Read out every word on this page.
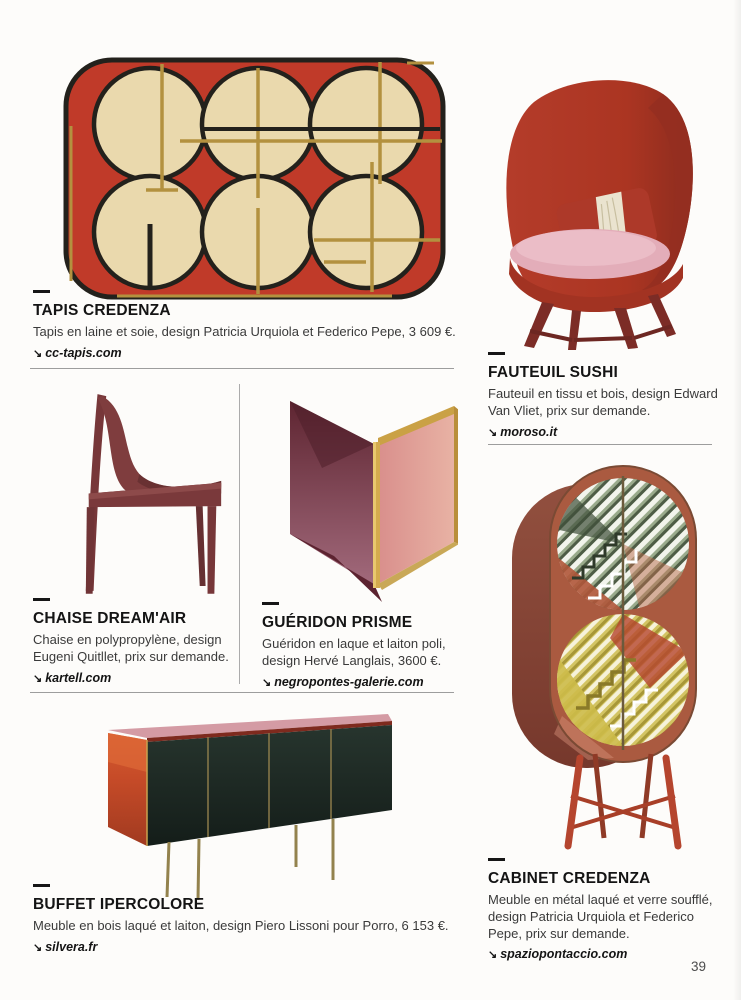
TAPIS CREDENZA

Tapis en laine et soie, design Patricia Urquiola et Federico Pepe, 3 609 €.

↘ cc-tapis.com
FAUTEUIL SUSHI

Fauteuil en tissu et bois, design Edward Van Vliet, prix sur demande.

↘ moroso.it
CHAISE DREAM'AIR

Chaise en polypropylène, design Eugeni Quitllet, prix sur demande.

↘ kartell.com
GUÉRIDON PRISME

Guéridon en laque et laiton poli, design Hervé Langlais, 3600 €.

↘ negropontes-galerie.com
BUFFET IPERCOLORE

Meuble en bois laqué et laiton, design Piero Lissoni pour Porro, 6 153 €.

↘ silvera.fr
CABINET CREDENZA

Meuble en métal laqué et verre soufflé, design Patricia Urquiola et Federico Pepe, prix sur demande.

↘ spaziopontaccio.com
39
